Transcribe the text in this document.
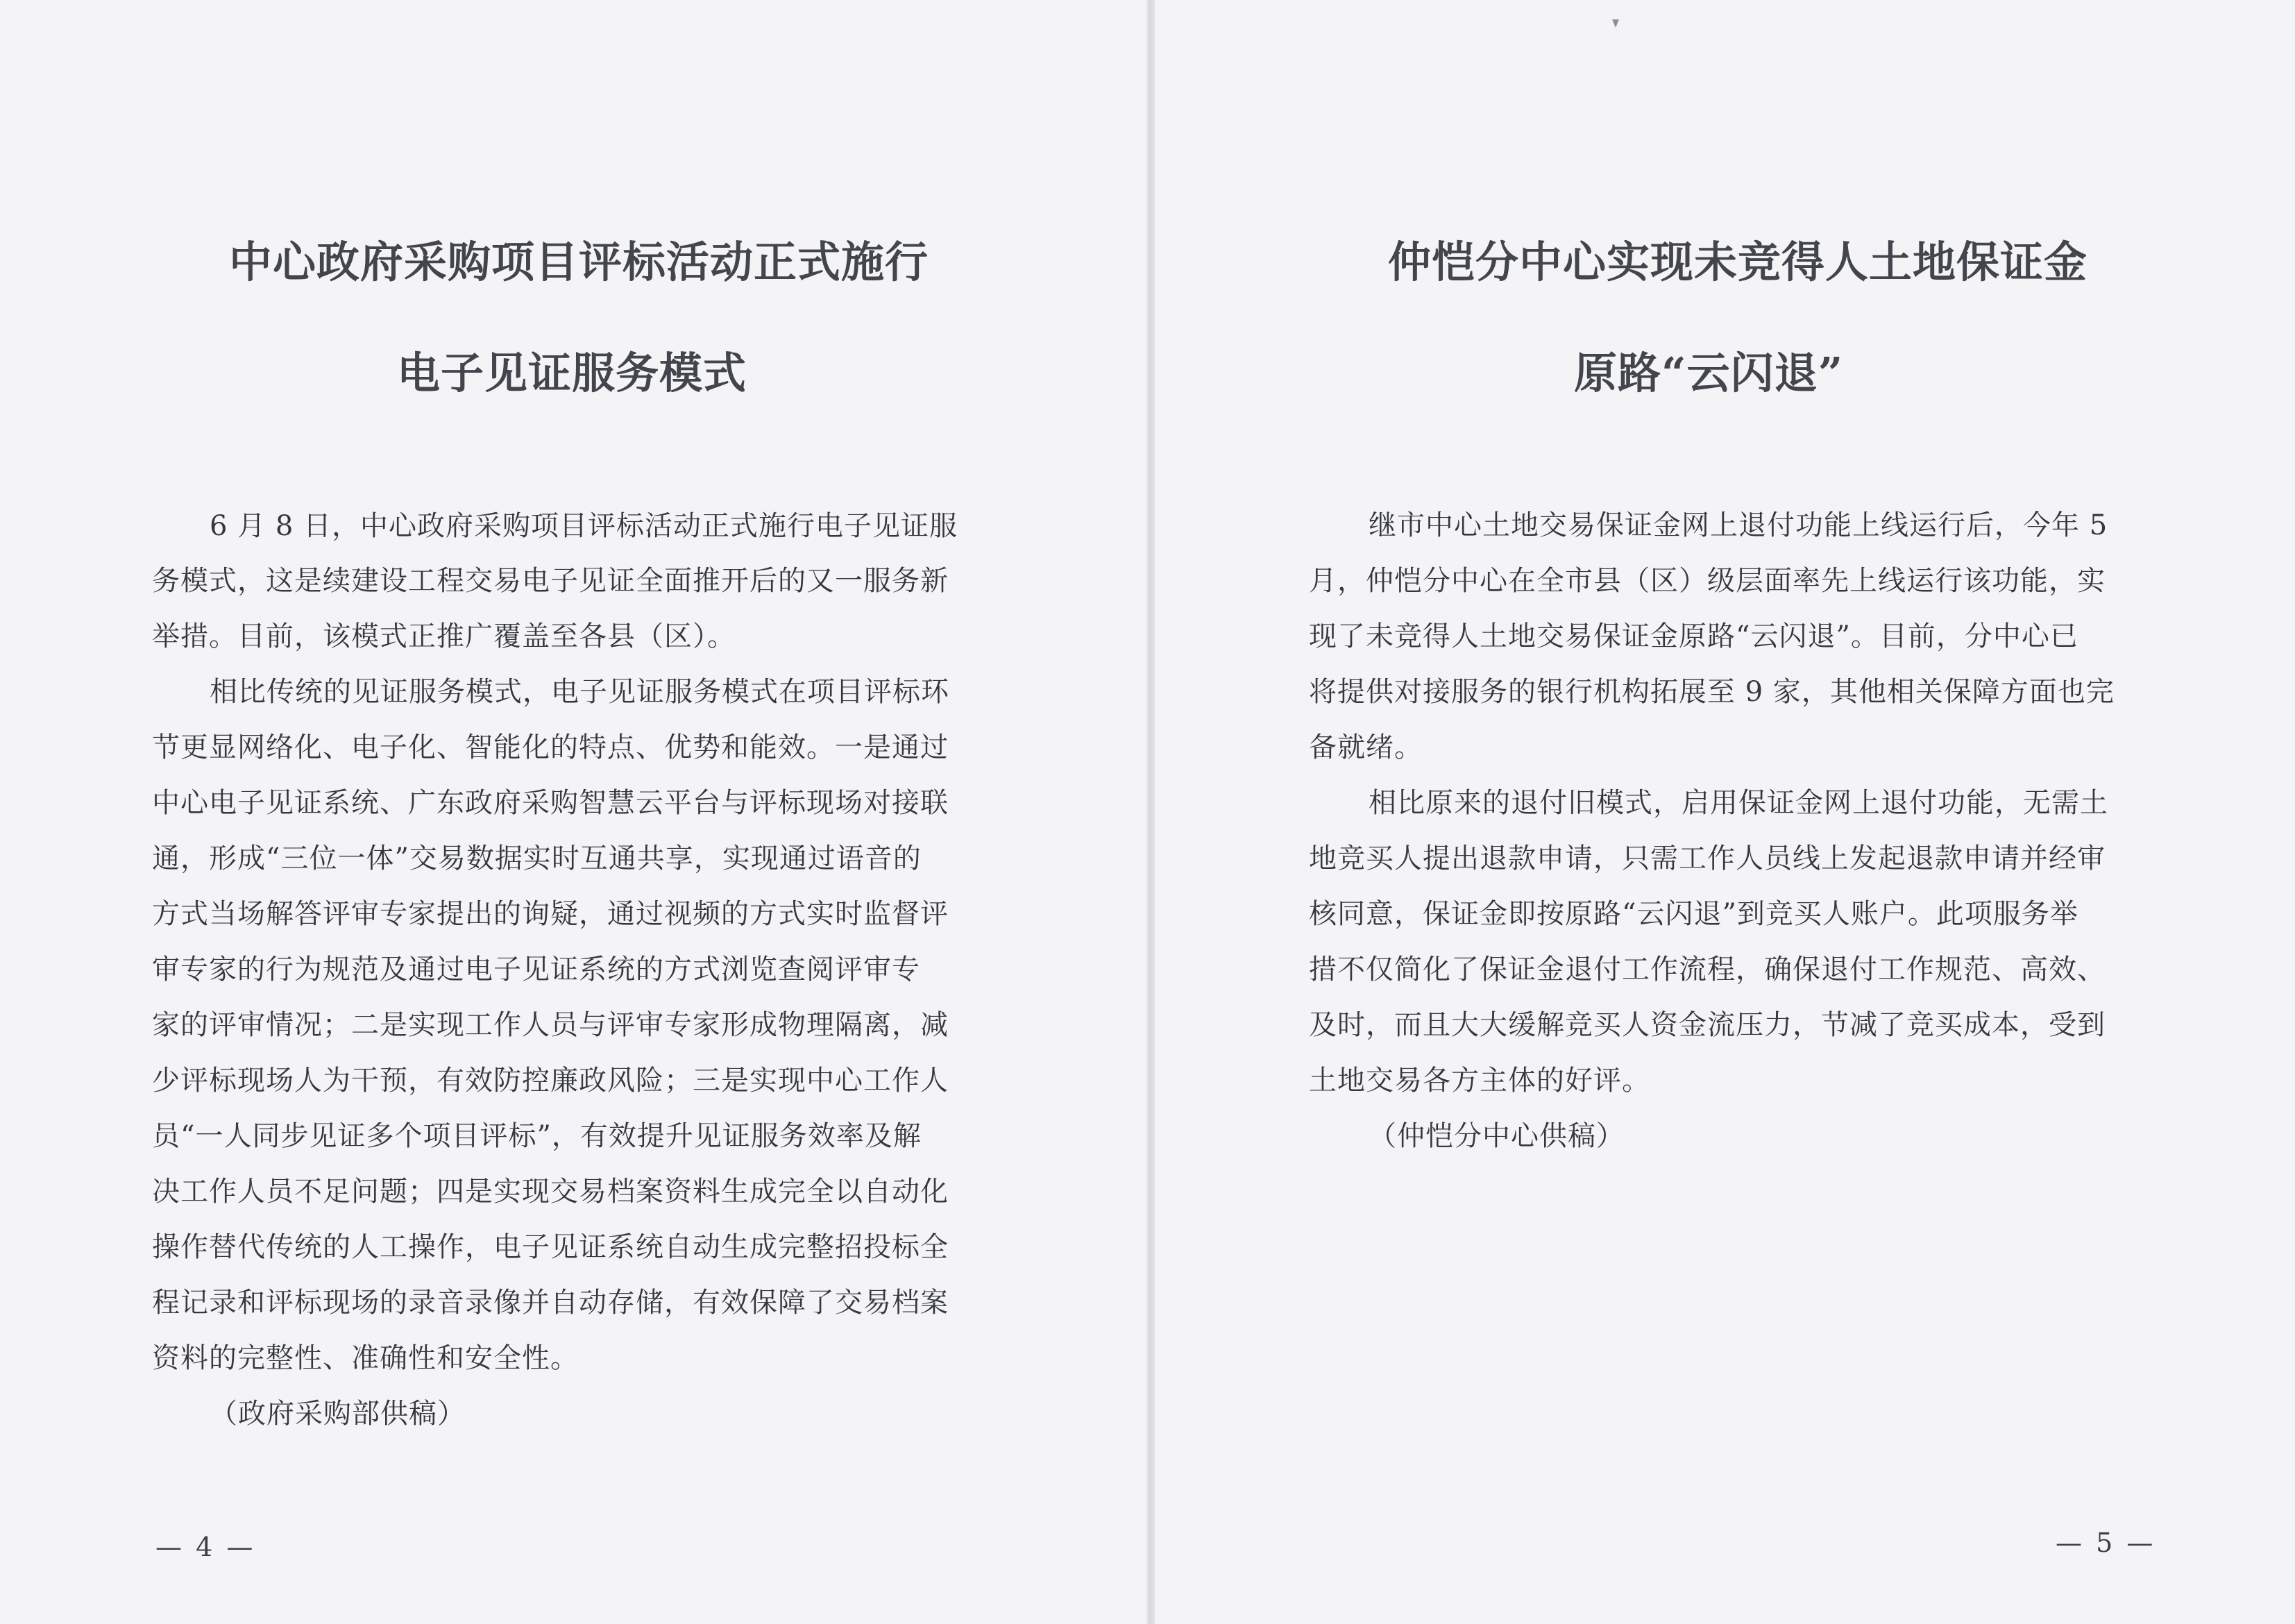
中心政府采购项目评标活动正式施行
电子见证服务模式
6 月 8 日，中心政府采购项目评标活动正式施行电子见证服
务模式，这是续建设工程交易电子见证全面推开后的又一服务新
举措。目前，该模式正推广覆盖至各县（区）。
相比传统的见证服务模式，电子见证服务模式在项目评标环
节更显网络化、电子化、智能化的特点、优势和能效。一是通过
中心电子见证系统、广东政府采购智慧云平台与评标现场对接联
通，形成“三位一体”交易数据实时互通共享，实现通过语音的
方式当场解答评审专家提出的询疑，通过视频的方式实时监督评
审专家的行为规范及通过电子见证系统的方式浏览查阅评审专
家的评审情况；二是实现工作人员与评审专家形成物理隔离，减
少评标现场人为干预，有效防控廉政风险；三是实现中心工作人
员“一人同步见证多个项目评标”，有效提升见证服务效率及解
决工作人员不足问题；四是实现交易档案资料生成完全以自动化
操作替代传统的人工操作，电子见证系统自动生成完整招投标全
程记录和评标现场的录音录像并自动存储，有效保障了交易档案
资料的完整性、准确性和安全性。
（政府采购部供稿）
— 4 —
仲恺分中心实现未竞得人土地保证金
原路“云闪退”
继市中心土地交易保证金网上退付功能上线运行后，今年 5
月，仲恺分中心在全市县（区）级层面率先上线运行该功能，实
现了未竞得人土地交易保证金原路“云闪退”。目前，分中心已
将提供对接服务的银行机构拓展至 9 家，其他相关保障方面也完
备就绪。
相比原来的退付旧模式，启用保证金网上退付功能，无需土
地竞买人提出退款申请，只需工作人员线上发起退款申请并经审
核同意，保证金即按原路“云闪退”到竞买人账户。此项服务举
措不仅简化了保证金退付工作流程，确保退付工作规范、高效、
及时，而且大大缓解竞买人资金流压力，节减了竞买成本，受到
土地交易各方主体的好评。
（仲恺分中心供稿）
— 5 —
